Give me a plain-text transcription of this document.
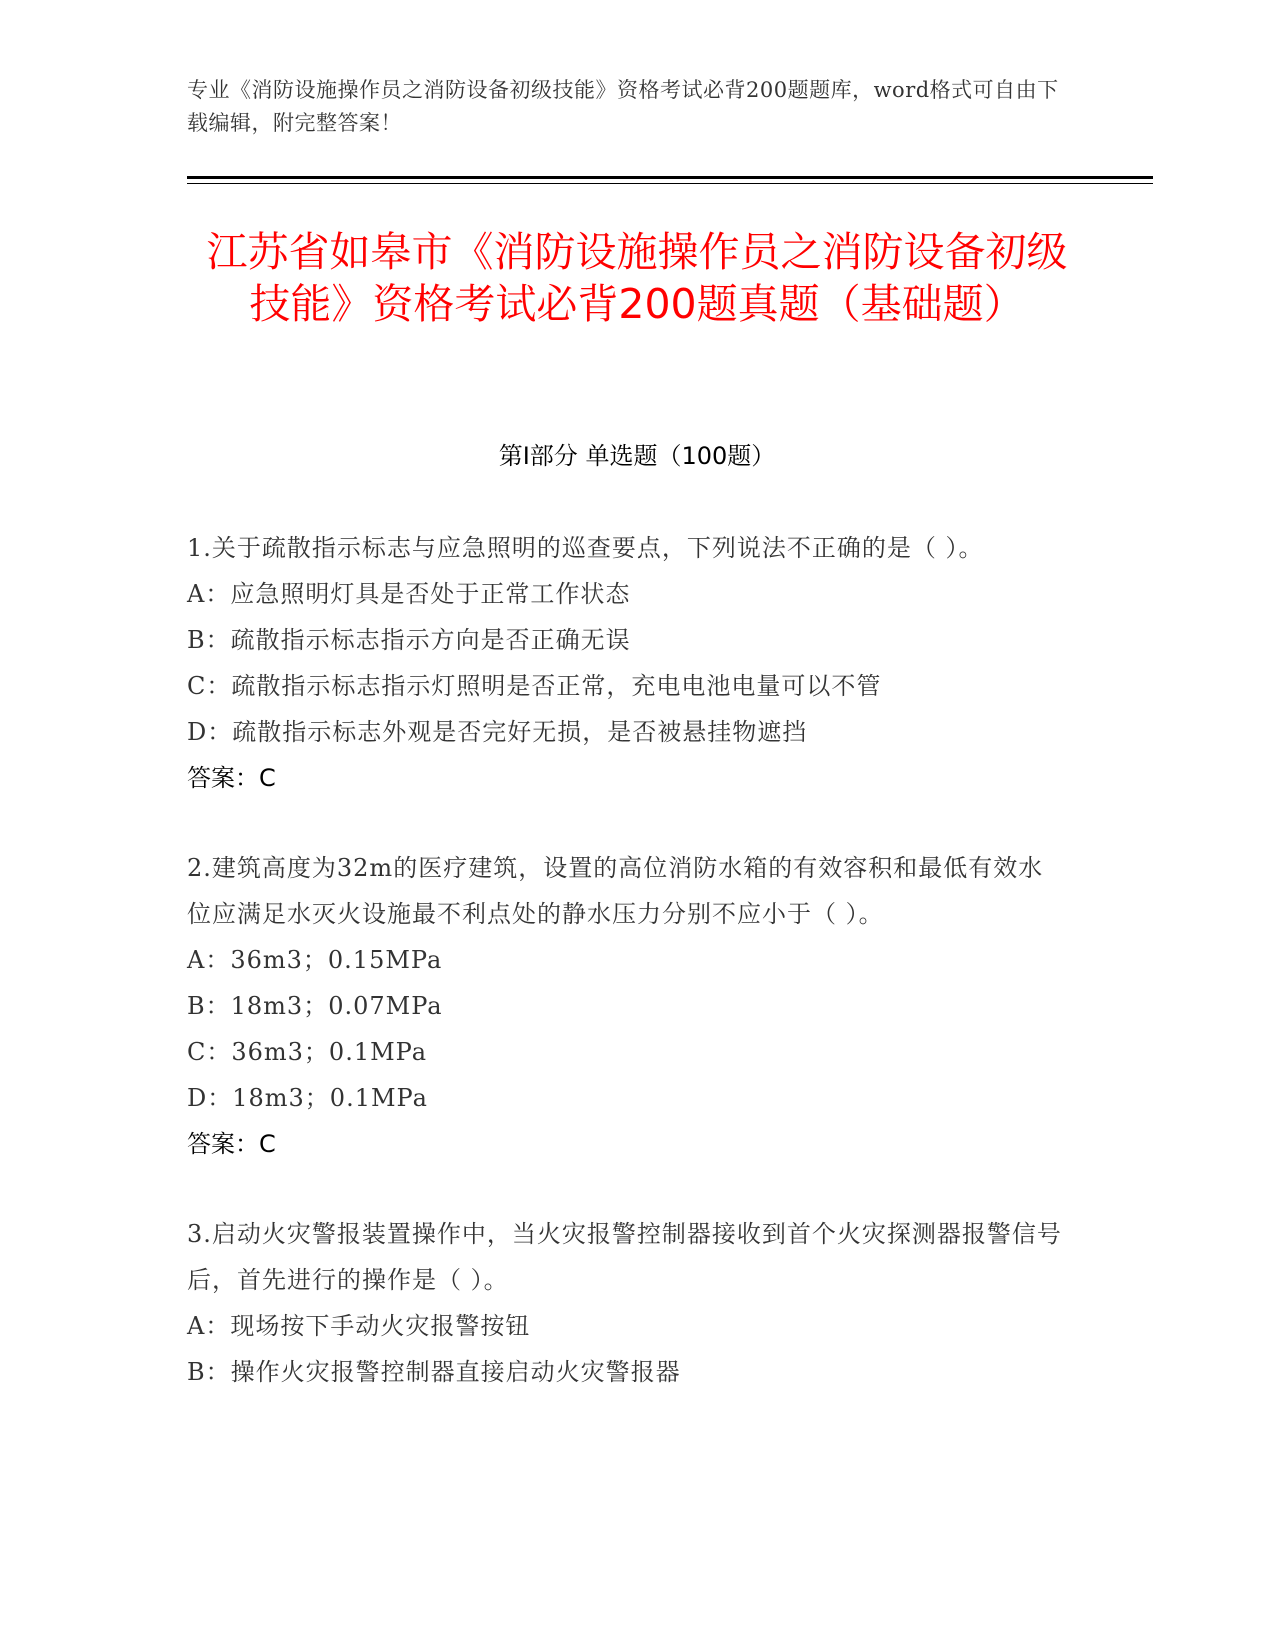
专业《消防设施操作员之消防设备初级技能》资格考试必背200题题库，word格式可自由下载编辑，附完整答案！
江苏省如皋市《消防设施操作员之消防设备初级技能》资格考试必背200题真题（基础题）
第I部分 单选题（100题）
1.关于疏散指示标志与应急照明的巡查要点，下列说法不正确的是（ ）。
A：应急照明灯具是否处于正常工作状态
B：疏散指示标志指示方向是否正确无误
C：疏散指示标志指示灯照明是否正常，充电电池电量可以不管
D：疏散指示标志外观是否完好无损，是否被悬挂物遮挡
答案：C
2.建筑高度为32m的医疗建筑，设置的高位消防水箱的有效容积和最低有效水位应满足水灭火设施最不利点处的静水压力分别不应小于（ ）。
A：36m3；0.15MPa
B：18m3；0.07MPa
C：36m3；0.1MPa
D：18m3；0.1MPa
答案：C
3.启动火灾警报装置操作中，当火灾报警控制器接收到首个火灾探测器报警信号后，首先进行的操作是（ ）。
A：现场按下手动火灾报警按钮
B：操作火灾报警控制器直接启动火灾警报器
